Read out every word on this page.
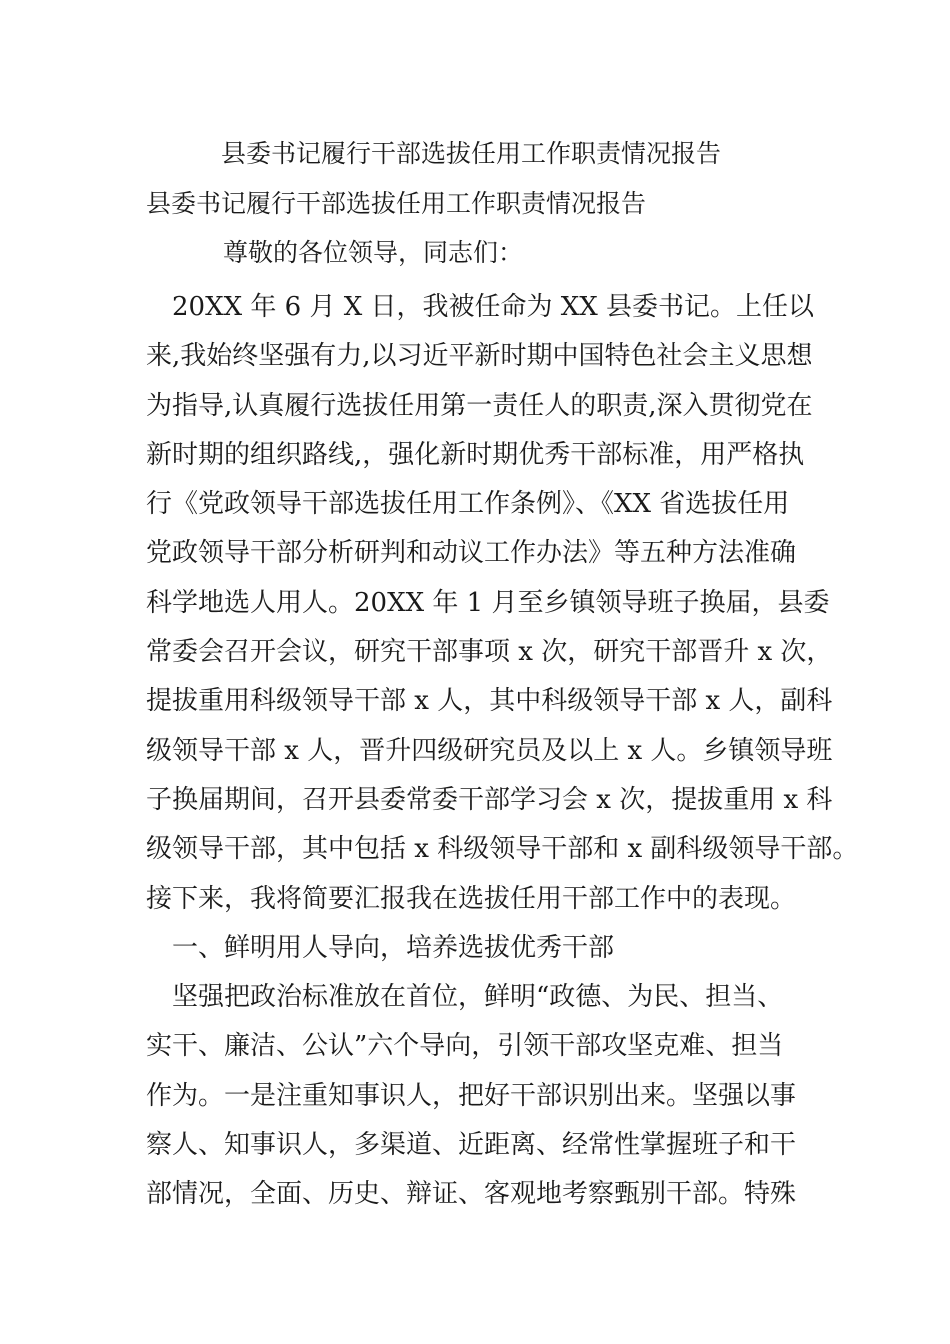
县委书记履行干部选拔任用工作职责情况报告
县委书记履行干部选拔任用工作职责情况报告

尊敬的各位领导，同志们：

　20XX 年 6 月 X 日，我被任命为 XX 县委书记。上任以
来,我始终坚强有力,以习近平新时期中国特色社会主义思想
为指导,认真履行选拔任用第一责任人的职责,深入贯彻党在
新时期的组织路线,，强化新时期优秀干部标准，用严格执
行《党政领导干部选拔任用工作条例》、《XX 省选拔任用
党政领导干部分析研判和动议工作办法》等五种方法准确
科学地选人用人。20XX 年 1 月至乡镇领导班子换届，县委
常委会召开会议，研究干部事项 x 次，研究干部晋升 x 次，
提拔重用科级领导干部 x 人，其中科级领导干部 x 人，副科
级领导干部 x 人，晋升四级研究员及以上 x 人。乡镇领导班
子换届期间，召开县委常委干部学习会 x 次，提拔重用 x 科
级领导干部，其中包括 x 科级领导干部和 x 副科级领导干部。
接下来，我将简要汇报我在选拔任用干部工作中的表现。
　一、鲜明用人导向，培养选拔优秀干部
　坚强把政治标准放在首位，鲜明“政德、为民、担当、
实干、廉洁、公认”六个导向，引领干部攻坚克难、担当
作为。一是注重知事识人，把好干部识别出来。坚强以事
察人、知事识人，多渠道、近距离、经常性掌握班子和干
部情况，全面、历史、辩证、客观地考察甄别干部。特殊
